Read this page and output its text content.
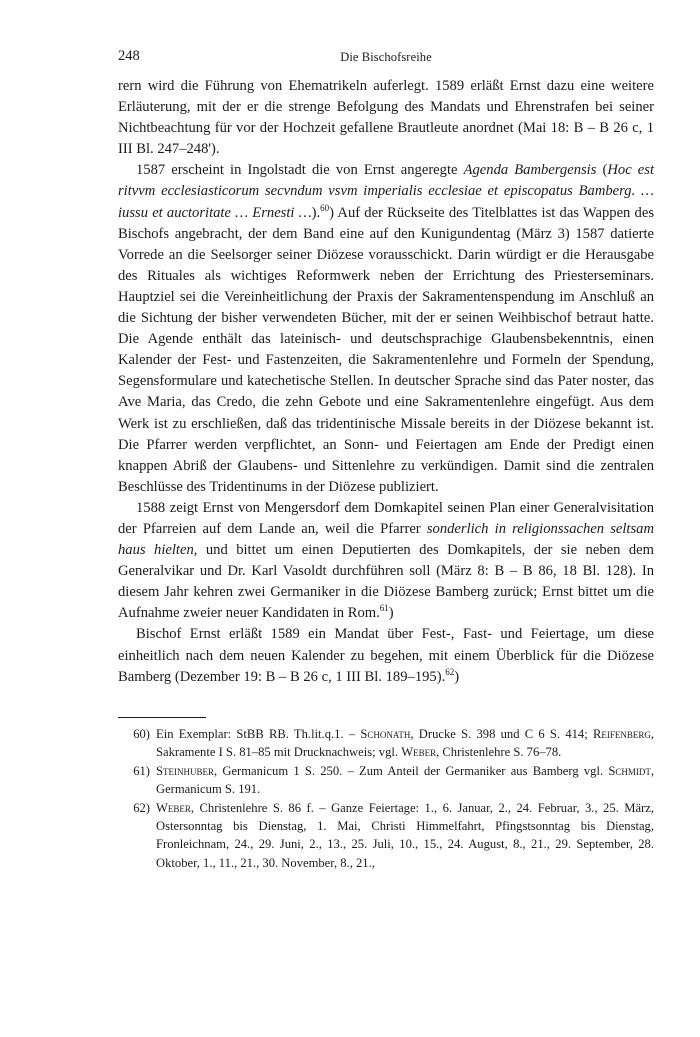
248	Die Bischofsreihe

rern wird die Führung von Ehematrikeln auferlegt. 1589 erläßt Ernst dazu eine weitere Erläuterung, mit der er die strenge Befolgung des Mandats und Ehrenstrafen bei seiner Nichtbeachtung für vor der Hochzeit gefallene Brautleute anordnet (Mai 18: B – B 26 c, 1 III Bl. 247–248').

1587 erscheint in Ingolstadt die von Ernst angeregte Agenda Bambergensis (Hoc est ritvvm ecclesiasticorum secvndum vsvm imperialis ecclesiae et episcopatus Bamberg. … iussu et auctoritate … Ernesti …).$^{60}$) Auf der Rückseite des Titelblattes ist das Wappen des Bischofs angebracht, der dem Band eine auf den Kunigundentag (März 3) 1587 datierte Vorrede an die Seelsorger seiner Diözese vorausschickt. Darin würdigt er die Herausgabe des Rituales als wichtiges Reformwerk neben der Errichtung des Priesterseminars. Hauptziel sei die Vereinheitlichung der Praxis der Sakramentenspendung im Anschluß an die Sichtung der bisher verwendeten Bücher, mit der er seinen Weihbischof betraut hatte. Die Agende enthält das lateinisch- und deutschsprachige Glaubensbekenntnis, einen Kalender der Fest- und Fastenzeiten, die Sakramentenlehre und Formeln der Spendung, Segensformulare und katechetische Stellen. In deutscher Sprache sind das Pater noster, das Ave Maria, das Credo, die zehn Gebote und eine Sakramentenlehre eingefügt. Aus dem Werk ist zu erschließen, daß das tridentinische Missale bereits in der Diözese bekannt ist. Die Pfarrer werden verpflichtet, an Sonn- und Feiertagen am Ende der Predigt einen knappen Abriß der Glaubens- und Sittenlehre zu verkündigen. Damit sind die zentralen Beschlüsse des Tridentinums in der Diözese publiziert.

1588 zeigt Ernst von Mengersdorf dem Domkapitel seinen Plan einer Generalvisitation der Pfarreien auf dem Lande an, weil die Pfarrer sonderlich in religionssachen seltsam haus hielten, und bittet um einen Deputierten des Domkapitels, der sie neben dem Generalvikar und Dr. Karl Vasoldt durchführen soll (März 8: B – B 86, 18 Bl. 128). In diesem Jahr kehren zwei Germaniker in die Diözese Bamberg zurück; Ernst bittet um die Aufnahme zweier neuer Kandidaten in Rom.$^{61}$)

Bischof Ernst erläßt 1589 ein Mandat über Fest-, Fast- und Feiertage, um diese einheitlich nach dem neuen Kalender zu begehen, mit einem Überblick für die Diözese Bamberg (Dezember 19: B – B 26 c, 1 III Bl. 189–195).$^{62}$)

60) Ein Exemplar: StBB RB. Th.lit.q.1. – Schonath, Drucke S. 398 und C 6 S. 414; Reifenberg, Sakramente I S. 81–85 mit Drucknachweis; vgl. Weber, Christenlehre S. 76–78.
61) Steinhuber, Germanicum 1 S. 250. – Zum Anteil der Germaniker aus Bamberg vgl. Schmidt, Germanicum S. 191.
62) Weber, Christenlehre S. 86 f. – Ganze Feiertage: 1., 6. Januar, 2., 24. Februar, 3., 25. März, Ostersonntag bis Dienstag, 1. Mai, Christi Himmelfahrt, Pfingstsonntag bis Dienstag, Fronleichnam, 24., 29. Juni, 2., 13., 25. Juli, 10., 15., 24. August, 8., 21., 29. September, 28. Oktober, 1., 11., 21., 30. November, 8., 21.,
